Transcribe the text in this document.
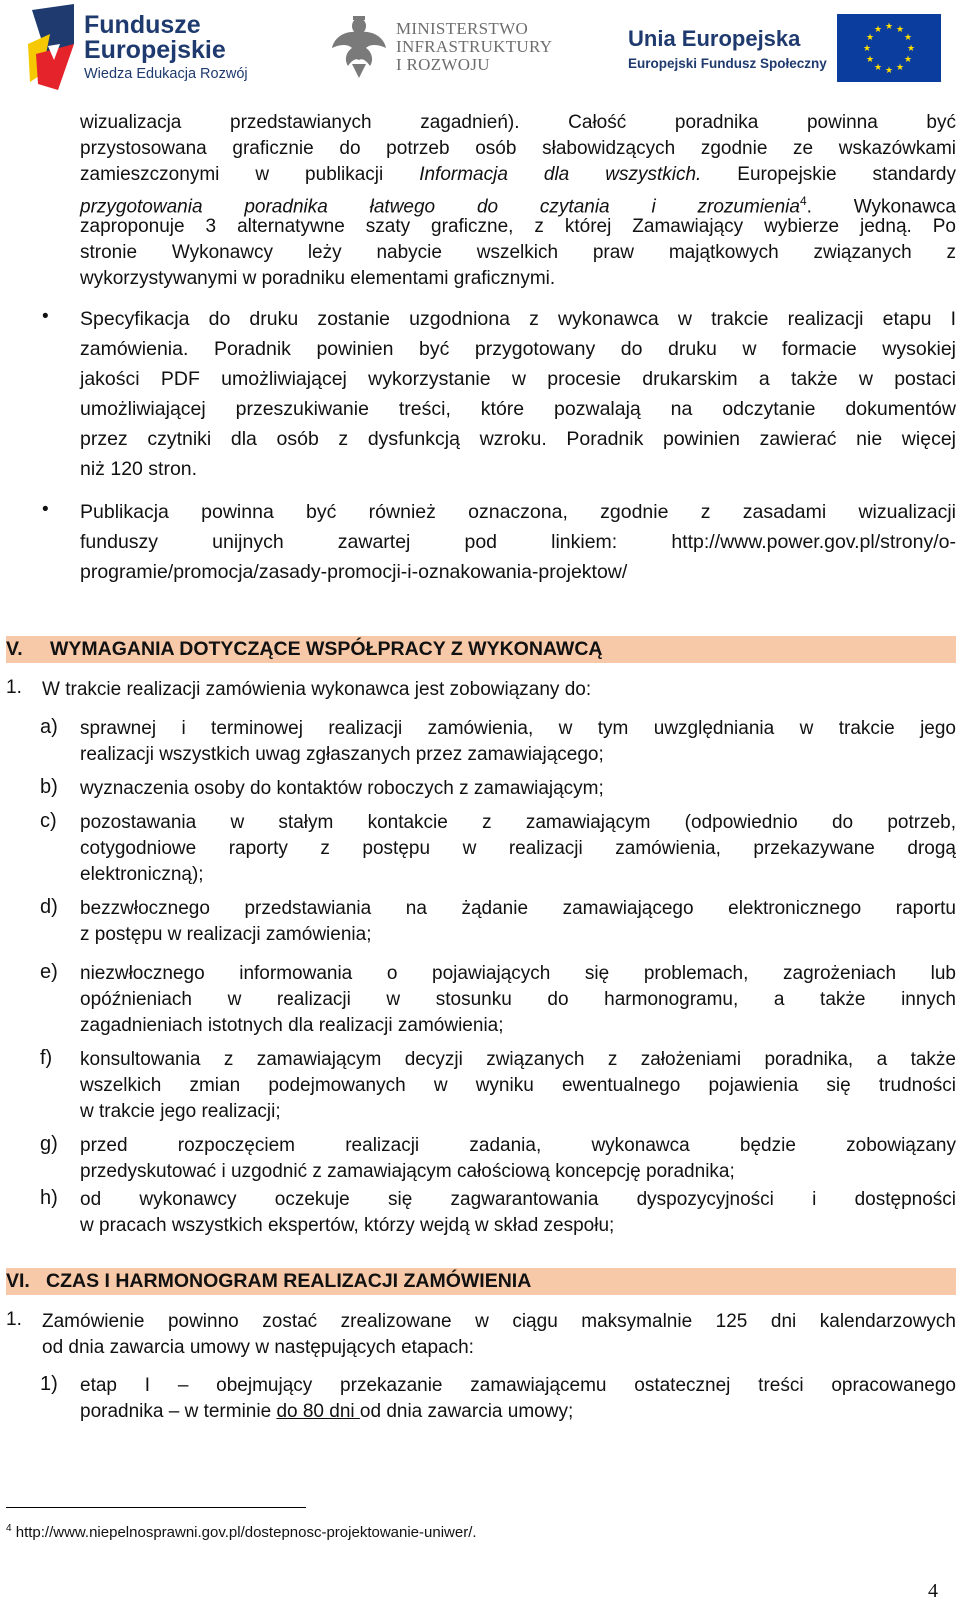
Fundusze
Europejskie
Wiedza Edukacja Rozwój
MINISTERSTWO
INFRASTRUKTURY
I ROZWOJU
Unia Europejska
Europejski Fundusz Społeczny
★ ★
★
★
★
★
★
★
★
★
★
★
wizualizacja przedstawianych zagadnień). Całość poradnika powinna być
przystosowana graficznie do potrzeb osób słabowidzących zgodnie ze wskazówkami
zamieszczonymi w publikacji Informacja dla wszystkich. Europejskie standardy
przygotowania poradnika łatwego do czytania i zrozumienia$^4$. Wykonawca
zaproponuje 3 alternatywne szaty graficzne, z której Zamawiający wybierze jedną. Po
stronie Wykonawcy leży nabycie wszelkich praw majątkowych związanych z
wykorzystywanymi w poradniku elementami graficznymi.
• Specyfikacja do druku zostanie uzgodniona z wykonawca w trakcie realizacji etapu I
zamówienia. Poradnik powinien być przygotowany do druku w formacie wysokiej
jakości PDF umożliwiającej wykorzystanie w procesie drukarskim a także w postaci
umożliwiającej przeszukiwanie treści, które pozwalają na odczytanie dokumentów
przez czytniki dla osób z dysfunkcją wzroku. Poradnik powinien zawierać nie więcej
niż 120 stron.
• Publikacja powinna być również oznaczona, zgodnie z zasadami wizualizacji
funduszy unijnych zawartej pod linkiem: http://www.power.gov.pl/strony/o-
programie/promocja/zasady-promocji-i-oznakowania-projektow/
V. WYMAGANIA DOTYCZĄCE WSPÓŁPRACY Z WYKONAWCĄ
1. W trakcie realizacji zamówienia wykonawca jest zobowiązany do:
a) sprawnej i terminowej realizacji zamówienia, w tym uwzględniania w trakcie jego
realizacji wszystkich uwag zgłaszanych przez zamawiającego;
b) wyznaczenia osoby do kontaktów roboczych z zamawiającym;
c) pozostawania w stałym kontakcie z zamawiającym (odpowiednio do potrzeb,
cotygodniowe raporty z postępu w realizacji zamówienia, przekazywane drogą
elektroniczną);
d) bezzwłocznego przedstawiania na żądanie zamawiającego elektronicznego raportu
z postępu w realizacji zamówienia;
e) niezwłocznego informowania o pojawiających się problemach, zagrożeniach lub
opóźnieniach w realizacji w stosunku do harmonogramu, a także innych
zagadnieniach istotnych dla realizacji zamówienia;
f) konsultowania z zamawiającym decyzji związanych z założeniami poradnika, a także
wszelkich zmian podejmowanych w wyniku ewentualnego pojawienia się trudności
w trakcie jego realizacji;
g) przed rozpoczęciem realizacji zadania, wykonawca będzie zobowiązany
przedyskutować i uzgodnić z zamawiającym całościową koncepcję poradnika;
h) od wykonawcy oczekuje się zagwarantowania dyspozycyjności i dostępności
w pracach wszystkich ekspertów, którzy wejdą w skład zespołu;
VI. CZAS I HARMONOGRAM REALIZACJI ZAMÓWIENIA
1. Zamówienie powinno zostać zrealizowane w ciągu maksymalnie 125 dni kalendarzowych
od dnia zawarcia umowy w następujących etapach:
1) etap I – obejmujący przekazanie zamawiającemu ostatecznej treści opracowanego
poradnika – w terminie do 80 dni od dnia zawarcia umowy;
$^4$ http://www.niepelnosprawni.gov.pl/dostepnosc-projektowanie-uniwer/.
4
